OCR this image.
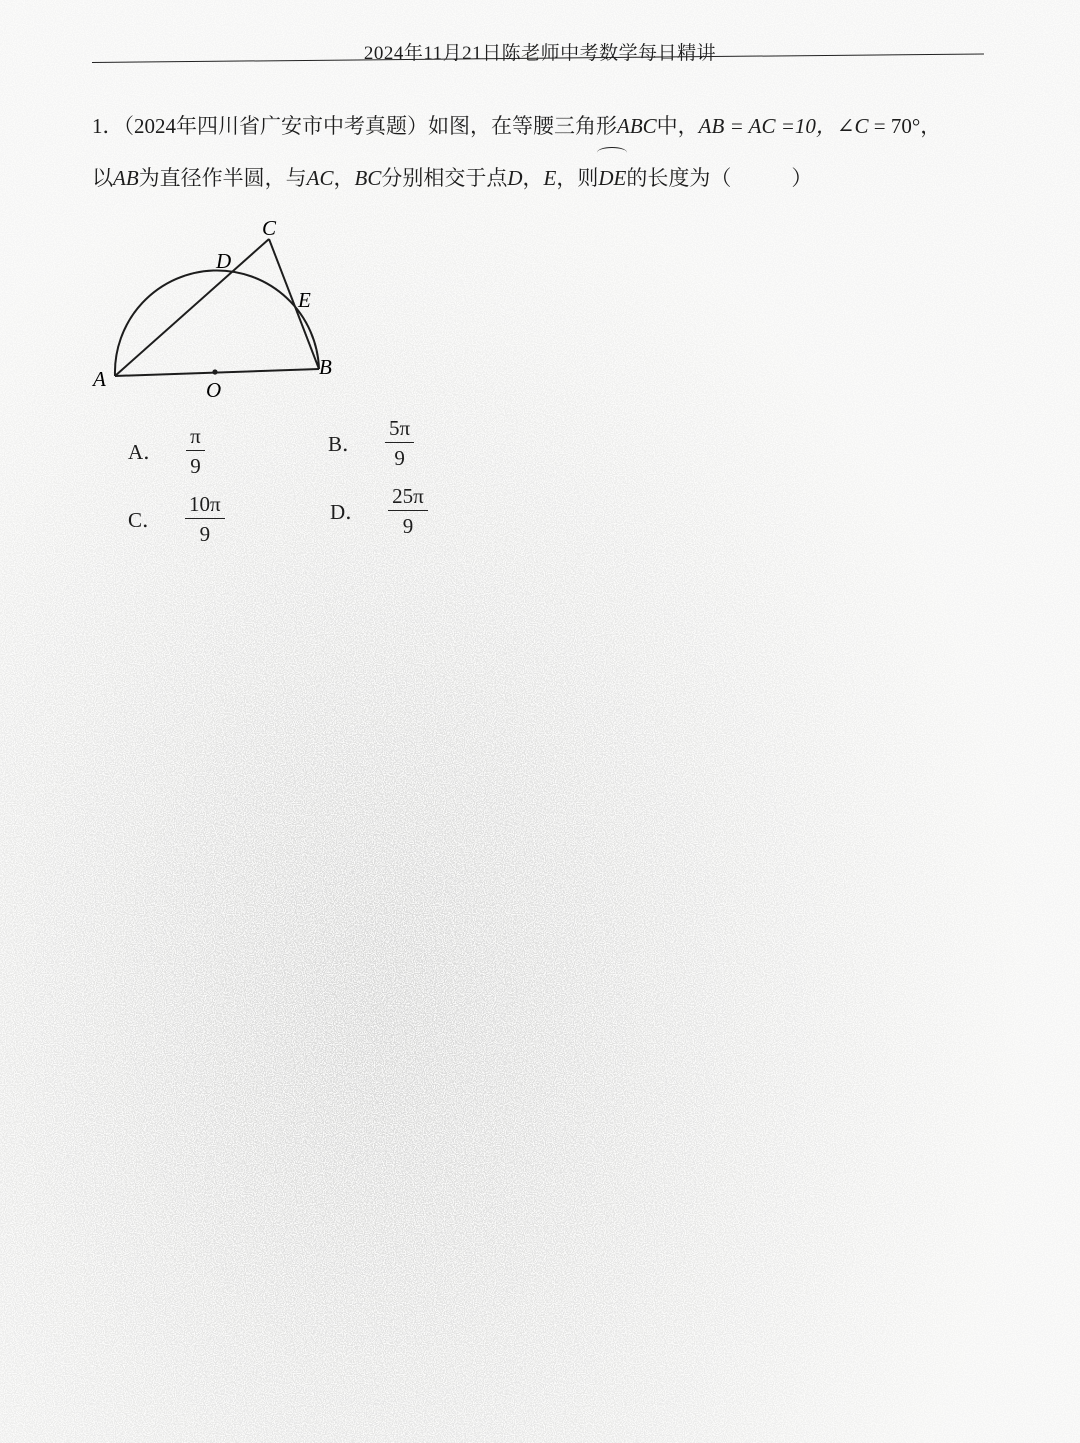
2024年11月21日陈老师中考数学每日精讲
1．（2024年四川省广安市中考真题）如图，在等腰三角形ABC中，AB = AC =10，∠C = 70°，
以AB为直径作半圆，与AC，BC分别相交于点D，E，则DE的长度为（	）
A	B
C
D
E
O
A． $\frac{\pi}{9}$	B． $\frac{5\pi}{9}$
C． $\frac{10\pi}{9}$	D． $\frac{25\pi}{9}$
